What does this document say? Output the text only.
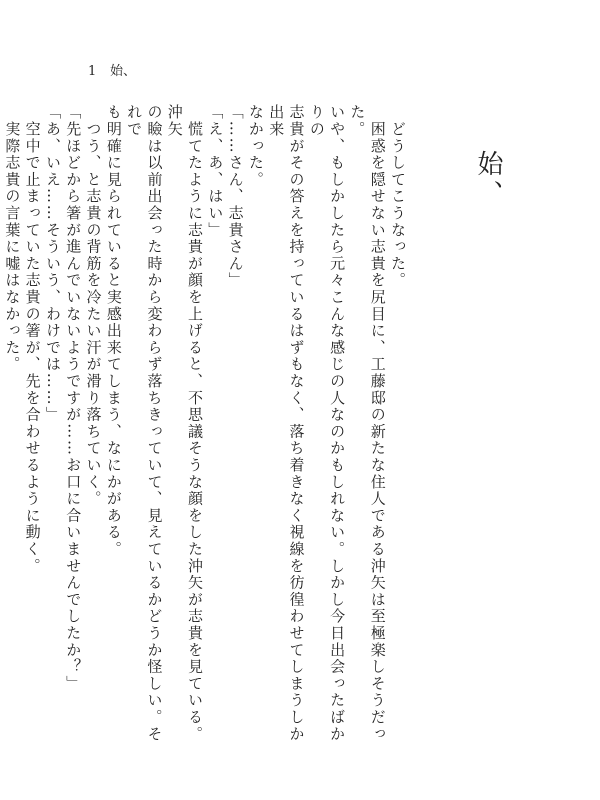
1 始、
始、

　どうしてこうなった。

　困惑を隠せない志貴を尻目に、工藤邸の新たな住人である沖矢は至極楽しそうだった。

いや、もしかしたら元々こんな感じの人なのかもしれない。しかし今日出会ったばかりの

志貴がその答えを持っているはずもなく、落ち着きなく視線を彷徨わせてしまうしか出来

なかった。

「……さん、志貴さん」

「え、あ、はい」

　慌てたように志貴が顔を上げると、不思議そうな顔をした沖矢が志貴を見ている。沖矢

の瞼は以前出会った時から変わらず落ちきっていて、見えているかどうか怪しい。それで

も明確に見られていると実感出来てしまう、なにかがある。

　つう、と志貴の背筋を冷たい汗が滑り落ちていく。

「先ほどから箸が進んでいないようですが……お口に合いませんでしたか？」

「あ、いえ……そういう、わけでは……」

　空中で止まっていた志貴の箸が、先を合わせるように動く。

　実際志貴の言葉に嘘はなかった。
